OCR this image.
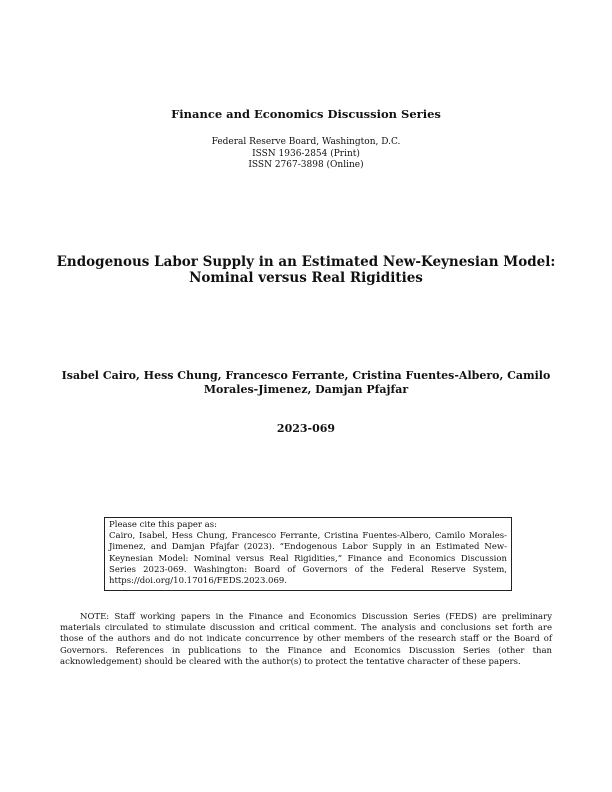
Finance and Economics Discussion Series
Federal Reserve Board, Washington, D.C.
ISSN 1936-2854 (Print)
ISSN 2767-3898 (Online)
Endogenous Labor Supply in an Estimated New-Keynesian Model: Nominal versus Real Rigidities
Isabel Cairo, Hess Chung, Francesco Ferrante, Cristina Fuentes-Albero, Camilo Morales-Jimenez, Damjan Pfajfar
2023-069
Please cite this paper as:
Cairo, Isabel, Hess Chung, Francesco Ferrante, Cristina Fuentes-Albero, Camilo Morales-Jimenez, and Damjan Pfajfar (2023). “Endogenous Labor Supply in an Estimated New-Keynesian Model: Nominal versus Real Rigidities,” Finance and Economics Discussion Series 2023-069. Washington: Board of Governors of the Federal Reserve System, https://doi.org/10.17016/FEDS.2023.069.
NOTE: Staff working papers in the Finance and Economics Discussion Series (FEDS) are preliminary materials circulated to stimulate discussion and critical comment. The analysis and conclusions set forth are those of the authors and do not indicate concurrence by other members of the research staff or the Board of Governors. References in publications to the Finance and Economics Discussion Series (other than acknowledgement) should be cleared with the author(s) to protect the tentative character of these papers.
